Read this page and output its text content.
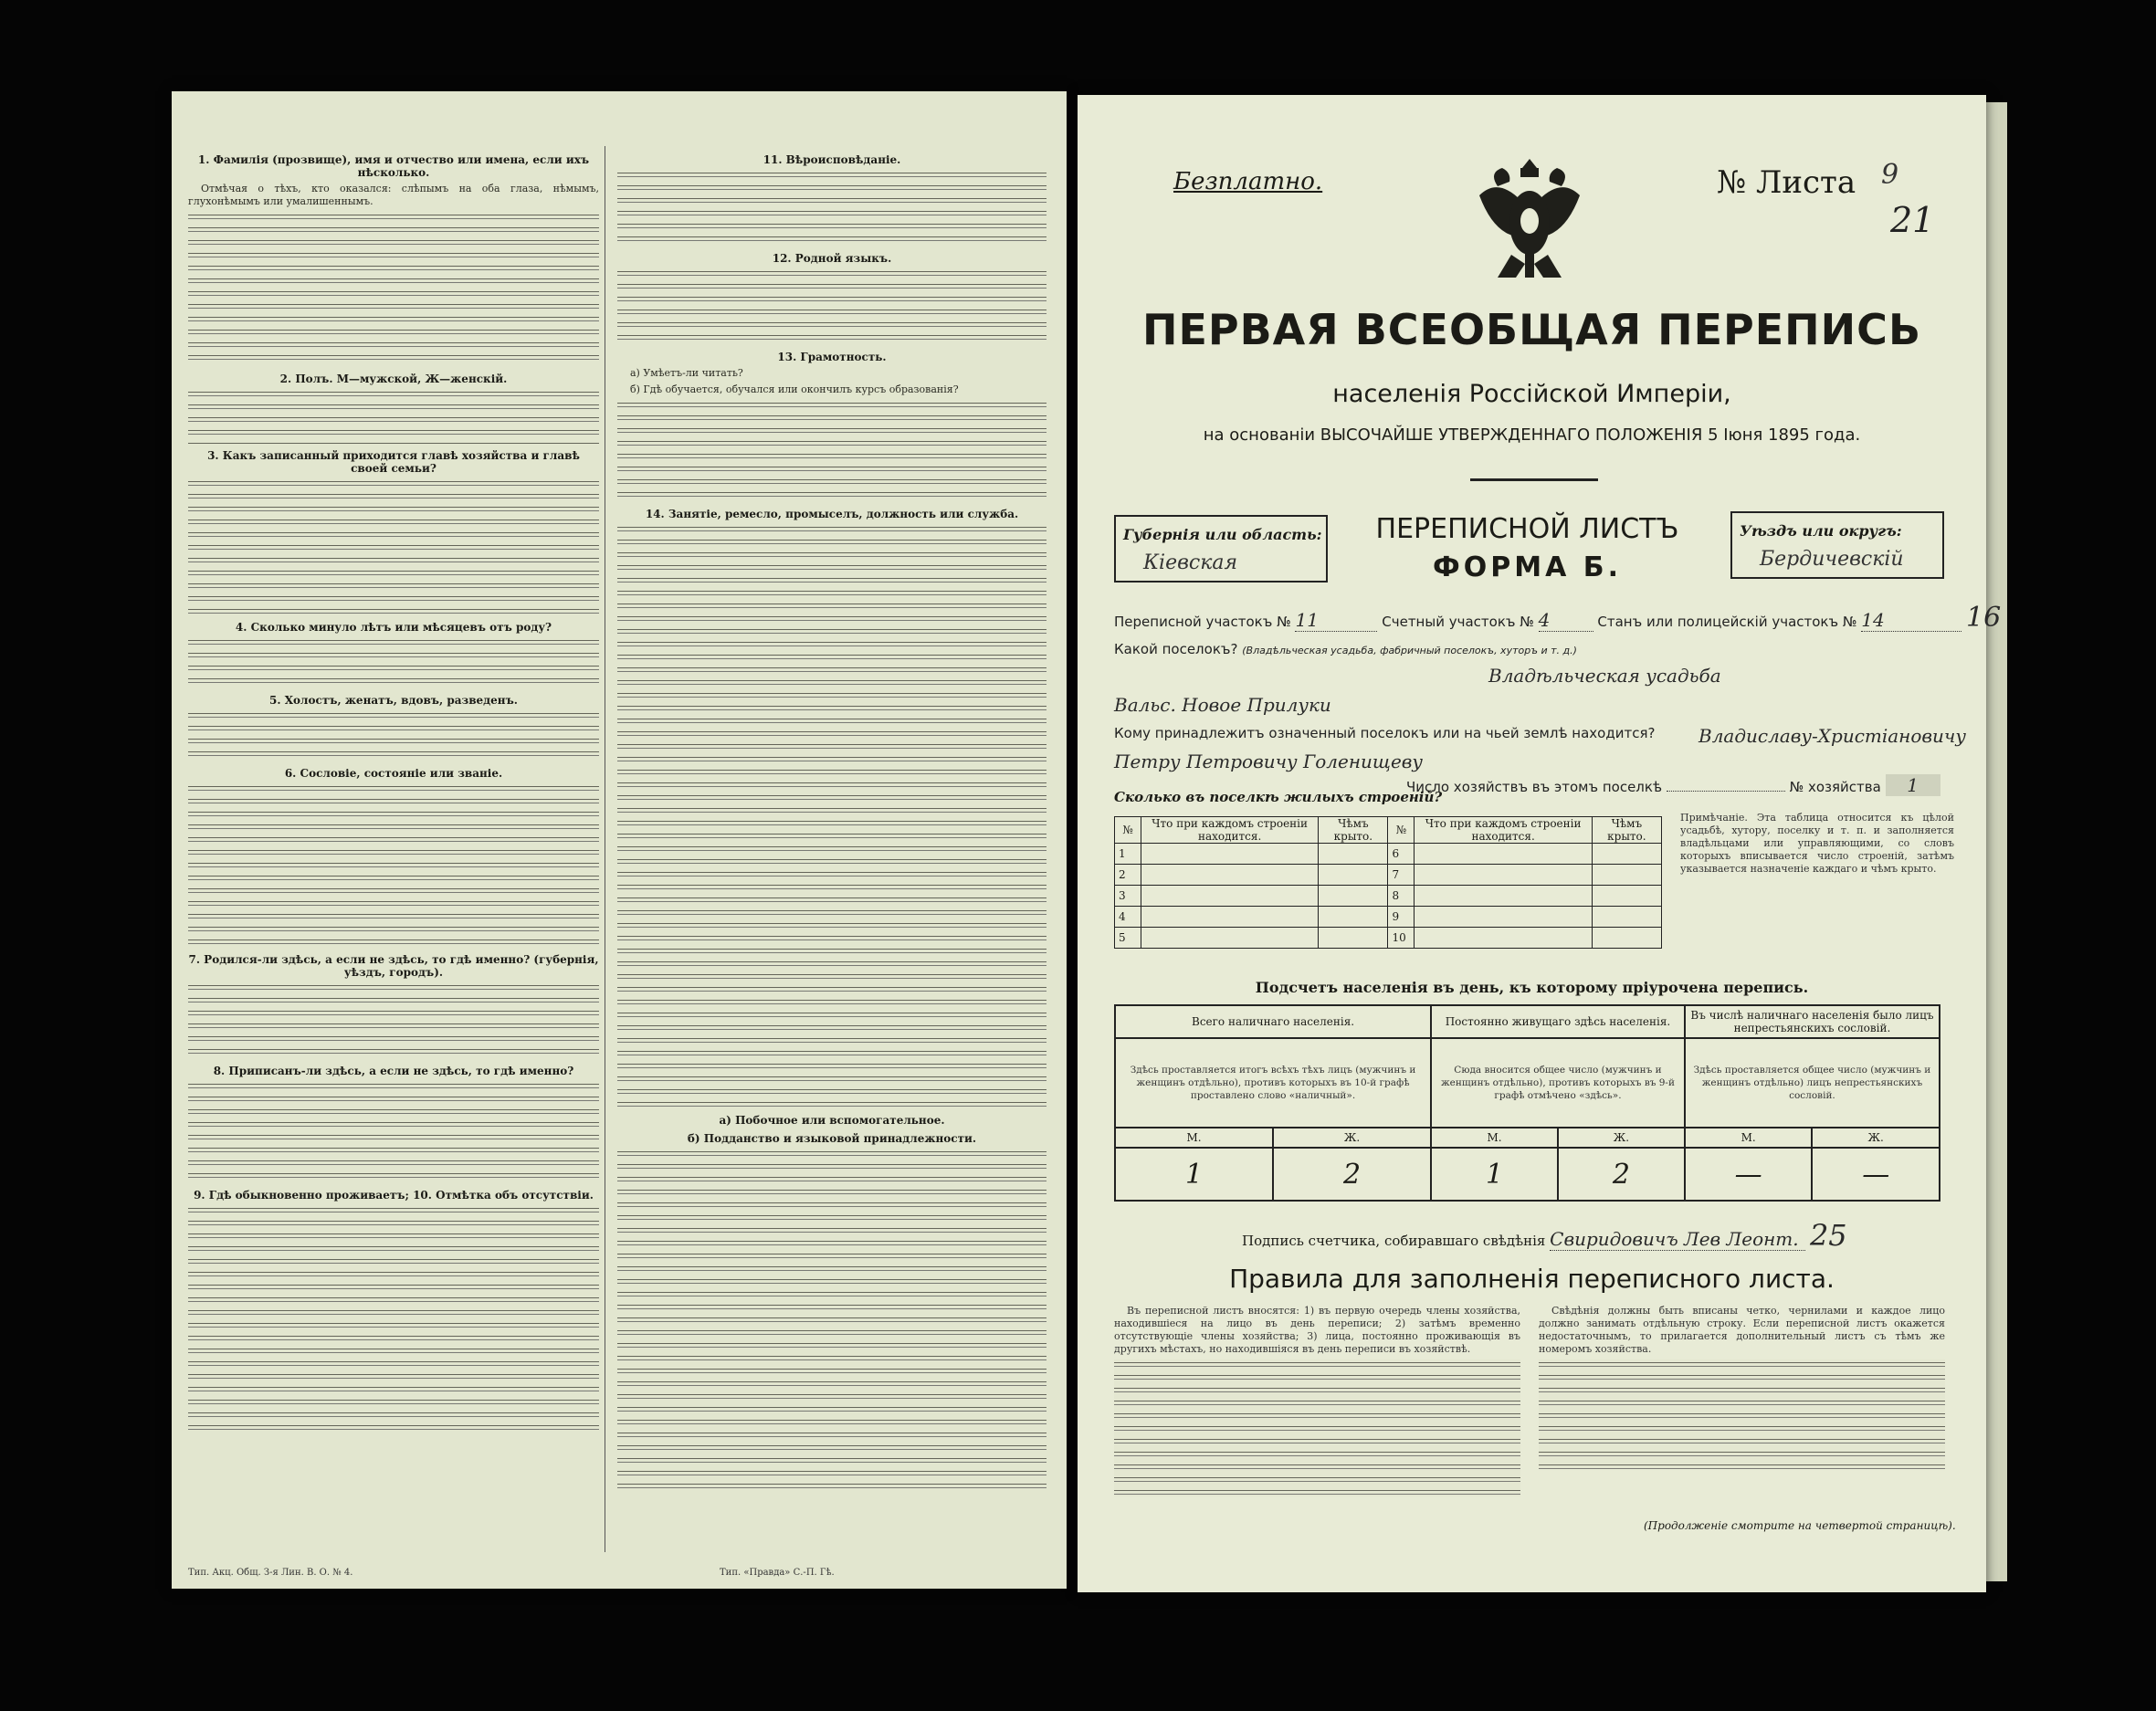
1. Фамилія (прозвище), имя и отчество или имена, если ихъ нѣсколько.

Отмѣчая о тѣхъ, кто оказался: слѣпымъ на оба глаза, нѣмымъ, глухонѣмымъ или умалишеннымъ.

2. Полъ. М—мужской, Ж—женскій.
3. Какъ записанный приходится главѣ хозяйства и главѣ своей семьи?
4. Сколько минуло лѣтъ или мѣсяцевъ отъ роду?
5. Холостъ, женатъ, вдовъ, разведенъ.
6. Сословіе, состояніе или званіе.
7. Родился-ли здѣсь, а если не здѣсь, то гдѣ именно? (губернія, уѣздъ, городъ).
8. Приписанъ-ли здѣсь, а если не здѣсь, то гдѣ именно?
9. Гдѣ обыкновенно проживаетъ; 10. Отмѣтка объ отсутствіи.
11. Вѣроисповѣданіе.
12. Родной языкъ.
13. Грамотность.

а) Умѣетъ-ли читать?

б) Гдѣ обучается, обучался или окончилъ курсъ образованія?

14. Занятіе, ремесло, промыселъ, должность или служба.
а) Побочное или вспомогательное.
б) Подданство и языковой принадлежности.
Тип. Акц. Общ. З-я Лин. В. О. № 4.	Тип. «Правда» С.-П. Гѣ.
Безплатно.	№ Листа 9
21
ПЕРВАЯ ВСЕОБЩАЯ ПЕРЕПИСЬ
населенія Россійской Имперіи,
на основаніи ВЫСОЧАЙШЕ УТВЕРЖДЕННАГО ПОЛОЖЕНІЯ 5 Іюня 1895 года.
Губернія или область:
Кіевская
ПЕРЕПИСНОЙ ЛИСТЪ
ФОРМА Б.
Уѣздъ или округъ:
Бердичевскій
Переписной участокъ № 11	Счетный участокъ № 4	Станъ или полицейскій участокъ № 14	16
Какой поселокъ? (Владѣльческая усадьба, фабричный поселокъ, хуторъ и т. д.)
Владѣльческая усадьба
Вальс. Новое Прилуки
Кому принадлежитъ означенный поселокъ или на чьей землѣ находится? Владиславу-Христіановичу
Петру Петровичу Голенищеву
Число хозяйствъ въ этомъ поселкѣ	№ хозяйства 1
Сколько въ поселкѣ жилыхъ строеній?
№	Что при каждомъ строеніи находится.	Чѣмъ крыто.	№	Что при каждомъ строеніи находится.	Чѣмъ крыто.
1			6		
2			7		
3			8		
4			9		
5			10		
Примѣчаніе. Эта таблица относится къ цѣлой усадьбѣ, хутору, поселку и т. п. и заполняется владѣльцами или управляющими, со словъ которыхъ вписывается число строеній, затѣмъ указывается назначеніе каждаго и чѣмъ крыто.
Подсчетъ населенія въ день, къ которому пріурочена перепись.
Всего наличнаго населенія.		Постоянно живущаго здѣсь населенія.		Въ числѣ наличнаго населенія было лицъ непрестьянскихъ сословій.	
Здѣсь проставляется итогъ всѣхъ тѣхъ лицъ (мужчинъ и женщинъ отдѣльно), противъ которыхъ въ 10-й графѣ проставлено слово «наличный».		Сюда вносится общее число (мужчинъ и женщинъ отдѣльно), противъ которыхъ въ 9-й графѣ отмѣчено «здѣсь».		Здѣсь проставляется общее число (мужчинъ и женщинъ отдѣльно) лицъ непрестьянскихъ сословій.	
М.	Ж.	М.	Ж.	М.	Ж.
1	2	1	2	—	—
Подпись счетчика, собиравшаго свѣдѣнія Свиридовичъ Лев Леонт. 25
Правила для заполненія переписного листа.

Въ переписной листъ вносятся: 1) въ первую очередь члены хозяйства, находившіеся на лицо въ день переписи; 2) затѣмъ временно отсутствующіе члены хозяйства; 3) лица, постоянно проживающія въ другихъ мѣстахъ, но находившіяся въ день переписи въ хозяйствѣ.

Свѣдѣнія должны быть вписаны четко, чернилами и каждое лицо должно занимать отдѣльную строку. Если переписной листъ окажется недостаточнымъ, то прилагается дополнительный листъ съ тѣмъ же номеромъ хозяйства.

(Продолженіе смотрите на четвертой страницѣ).
